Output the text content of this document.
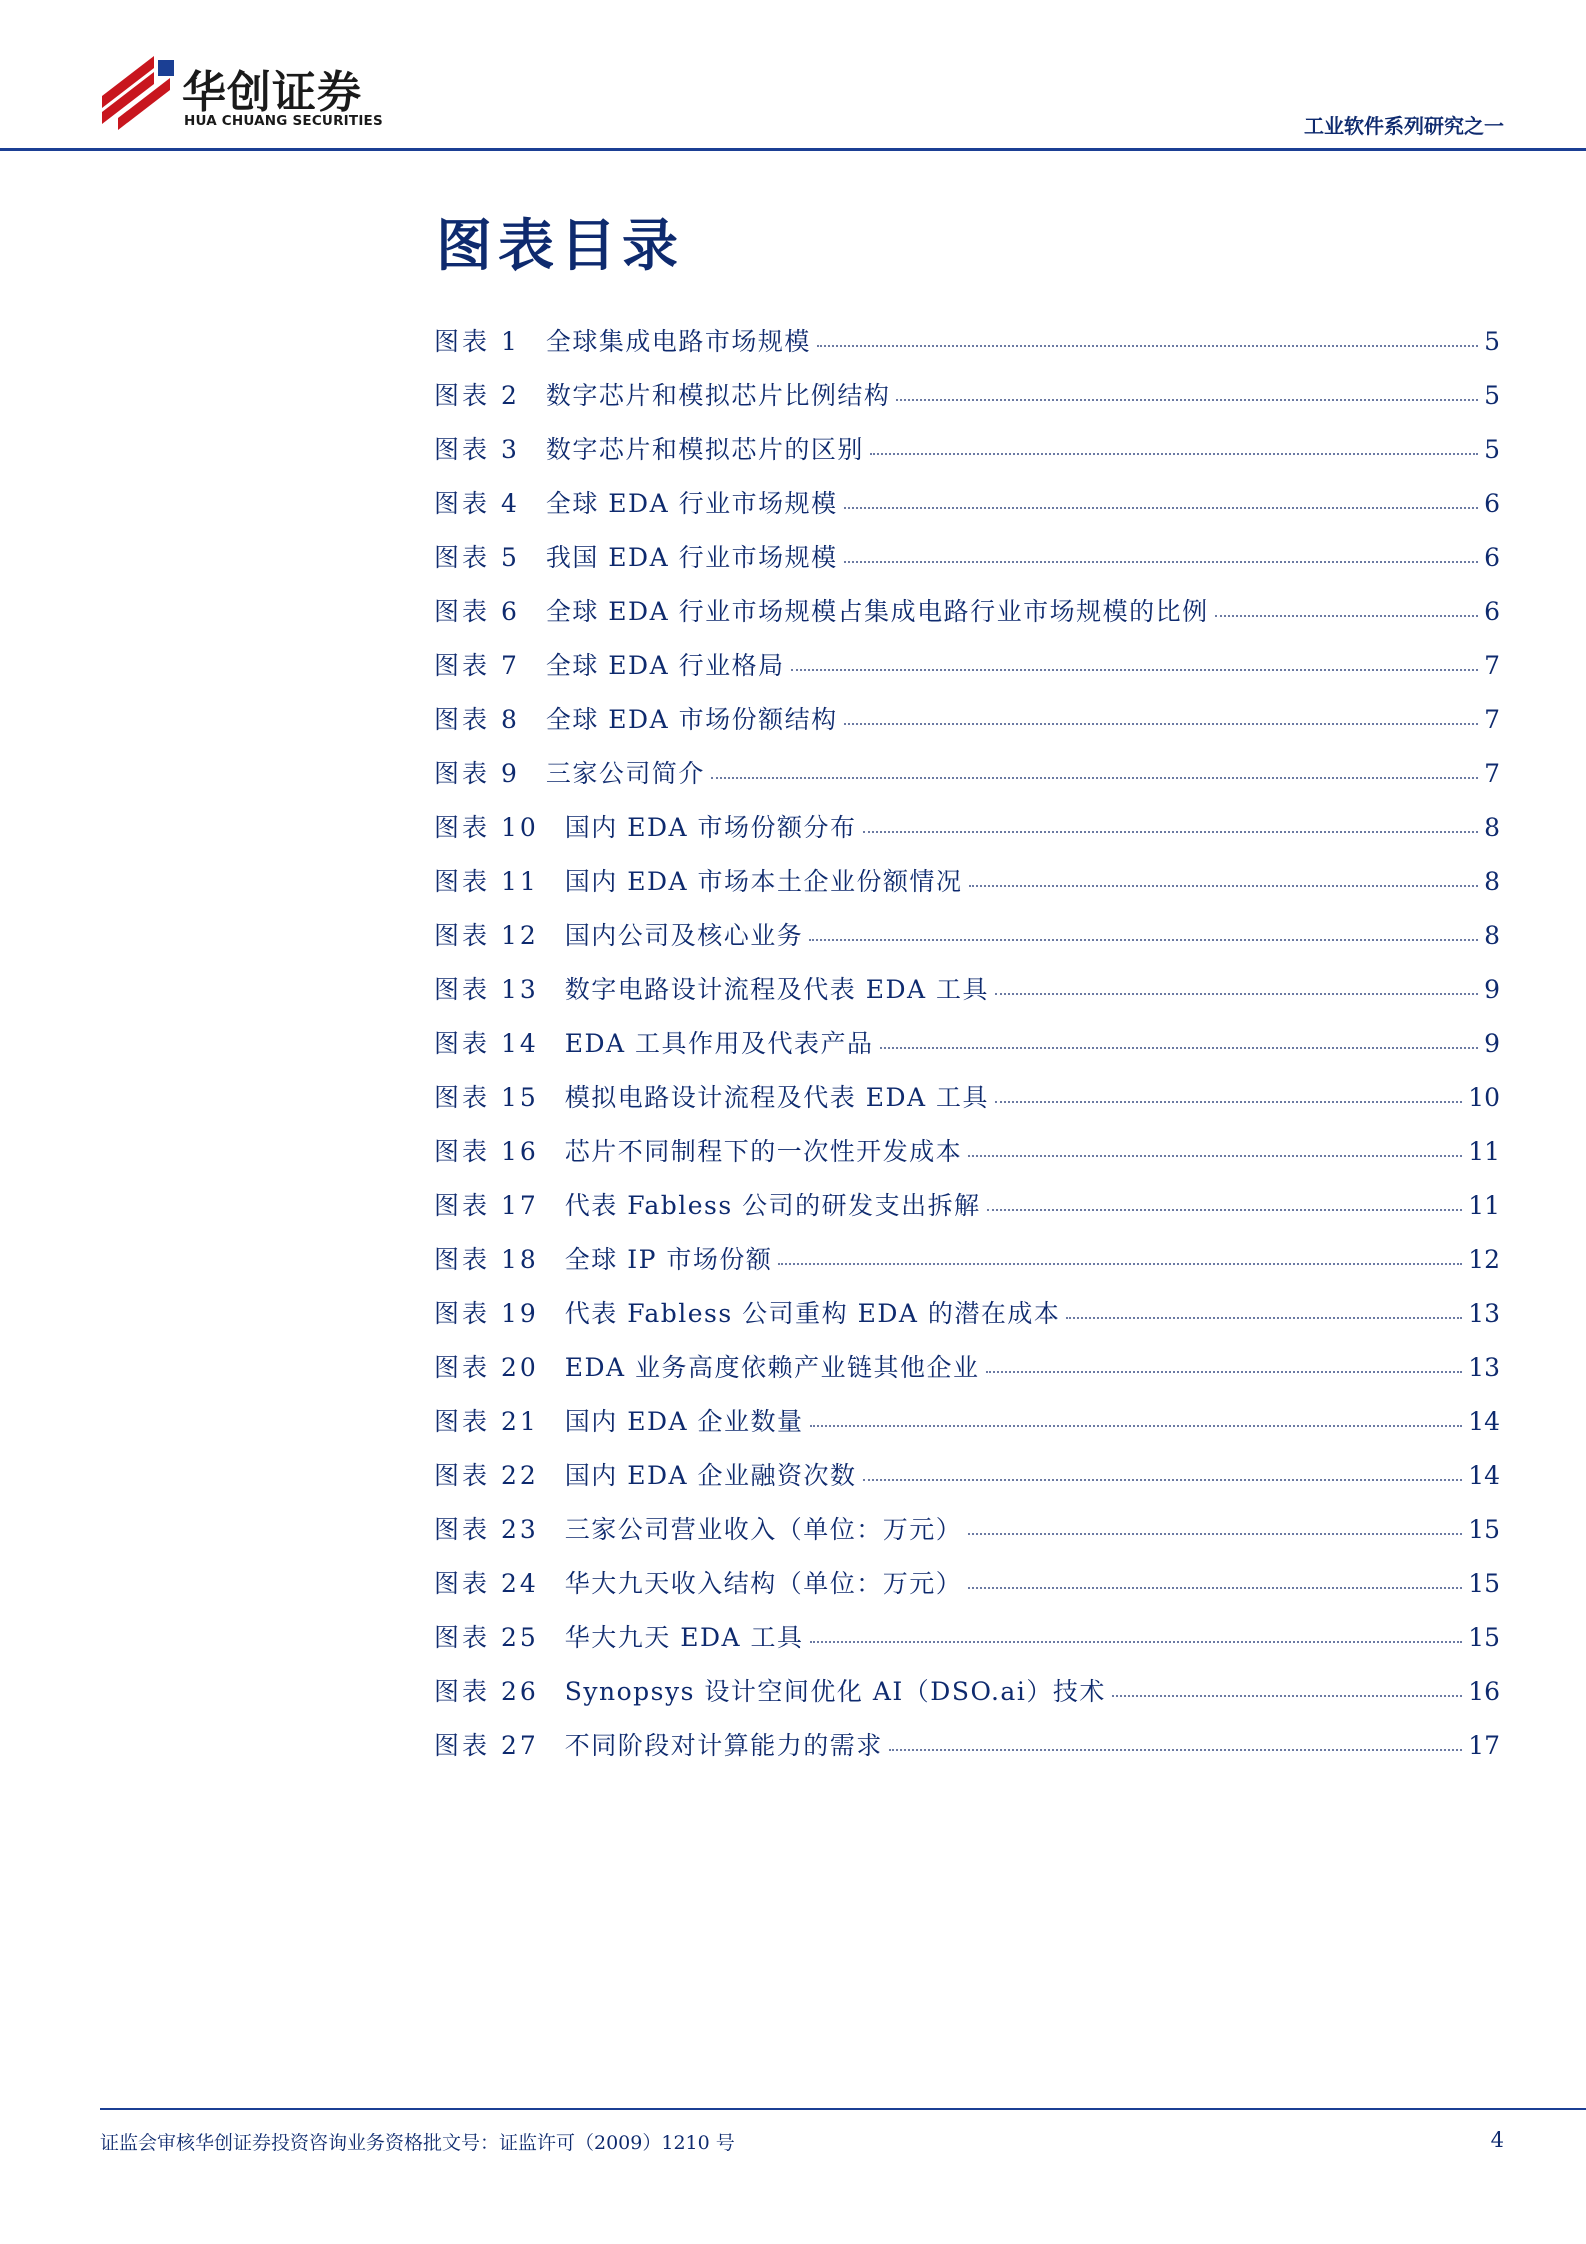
华创证券
HUA CHUANG SECURITIES	工业软件系列研究之一
图表目录
图表 1	全球集成电路市场规模	5
图表 2	数字芯片和模拟芯片比例结构	5
图表 3	数字芯片和模拟芯片的区别	5
图表 4	全球 EDA 行业市场规模	6
图表 5	我国 EDA 行业市场规模	6
图表 6	全球 EDA 行业市场规模占集成电路行业市场规模的比例	6
图表 7	全球 EDA 行业格局	7
图表 8	全球 EDA 市场份额结构	7
图表 9	三家公司简介	7
图表 10	国内 EDA 市场份额分布	8
图表 11	国内 EDA 市场本土企业份额情况	8
图表 12	国内公司及核心业务	8
图表 13	数字电路设计流程及代表 EDA 工具	9
图表 14	EDA 工具作用及代表产品	9
图表 15	模拟电路设计流程及代表 EDA 工具	10
图表 16	芯片不同制程下的一次性开发成本	11
图表 17	代表 Fabless 公司的研发支出拆解	11
图表 18	全球 IP 市场份额	12
图表 19	代表 Fabless 公司重构 EDA 的潜在成本	13
图表 20	EDA 业务高度依赖产业链其他企业	13
图表 21	国内 EDA 企业数量	14
图表 22	国内 EDA 企业融资次数	14
图表 23	三家公司营业收入（单位：万元）	15
图表 24	华大九天收入结构（单位：万元）	15
图表 25	华大九天 EDA 工具	15
图表 26	Synopsys 设计空间优化 AI（DSO.ai）技术	16
图表 27	不同阶段对计算能力的需求	17
证监会审核华创证券投资咨询业务资格批文号：证监许可（2009）1210 号	4
